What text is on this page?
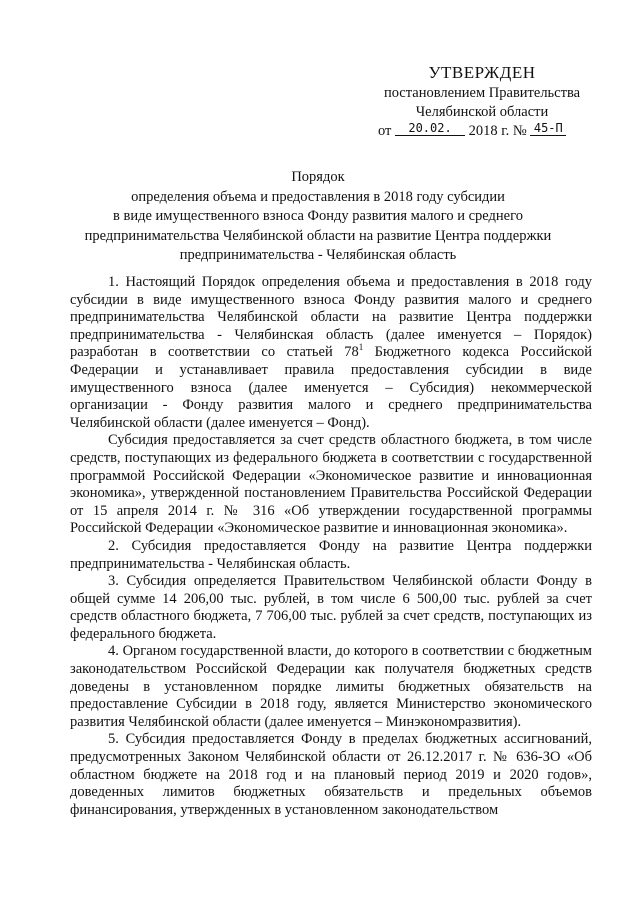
УТВЕРЖДЕН
постановлением Правительства
Челябинской области
от 20.02. 2018 г. № 45-П
Порядок
определения объема и предоставления в 2018 году субсидии
в виде имущественного взноса Фонду развития малого и среднего
предпринимательства Челябинской области на развитие Центра поддержки
предпринимательства - Челябинская область

1. Настоящий Порядок определения объема и предоставления в 2018 году субсидии в виде имущественного взноса Фонду развития малого и среднего предпринимательства Челябинской области на развитие Центра поддержки предпринимательства - Челябинская область (далее именуется – Порядок) разработан в соответствии со статьей $78^1$ Бюджетного кодекса Российской Федерации и устанавливает правила предоставления субсидии в виде имущественного взноса (далее именуется – Субсидия) некоммерческой организации - Фонду развития малого и среднего предпринимательства Челябинской области (далее именуется – Фонд).

Субсидия предоставляется за счет средств областного бюджета, в том числе средств, поступающих из федерального бюджета в соответствии с государственной программой Российской Федерации «Экономическое развитие и инновационная экономика», утвержденной постановлением Правительства Российской Федерации от 15 апреля 2014 г. № 316 «Об утверждении государственной программы Российской Федерации «Экономическое развитие и инновационная экономика».

2. Субсидия предоставляется Фонду на развитие Центра поддержки предпринимательства - Челябинская область.

3. Субсидия определяется Правительством Челябинской области Фонду в общей сумме 14 206,00 тыс. рублей, в том числе 6 500,00 тыс. рублей за счет средств областного бюджета, 7 706,00 тыс. рублей за счет средств, поступающих из федерального бюджета.

4. Органом государственной власти, до которого в соответствии с бюджетным законодательством Российской Федерации как получателя бюджетных средств доведены в установленном порядке лимиты бюджетных обязательств на предоставление Субсидии в 2018 году, является Министерство экономического развития Челябинской области (далее именуется – Минэкономразвития).

5. Субсидия предоставляется Фонду в пределах бюджетных ассигнований, предусмотренных Законом Челябинской области от 26.12.2017 г. № 636-ЗО «Об областном бюджете на 2018 год и на плановый период 2019 и 2020 годов», доведенных лимитов бюджетных обязательств и предельных объемов финансирования, утвержденных в установленном законодательством
